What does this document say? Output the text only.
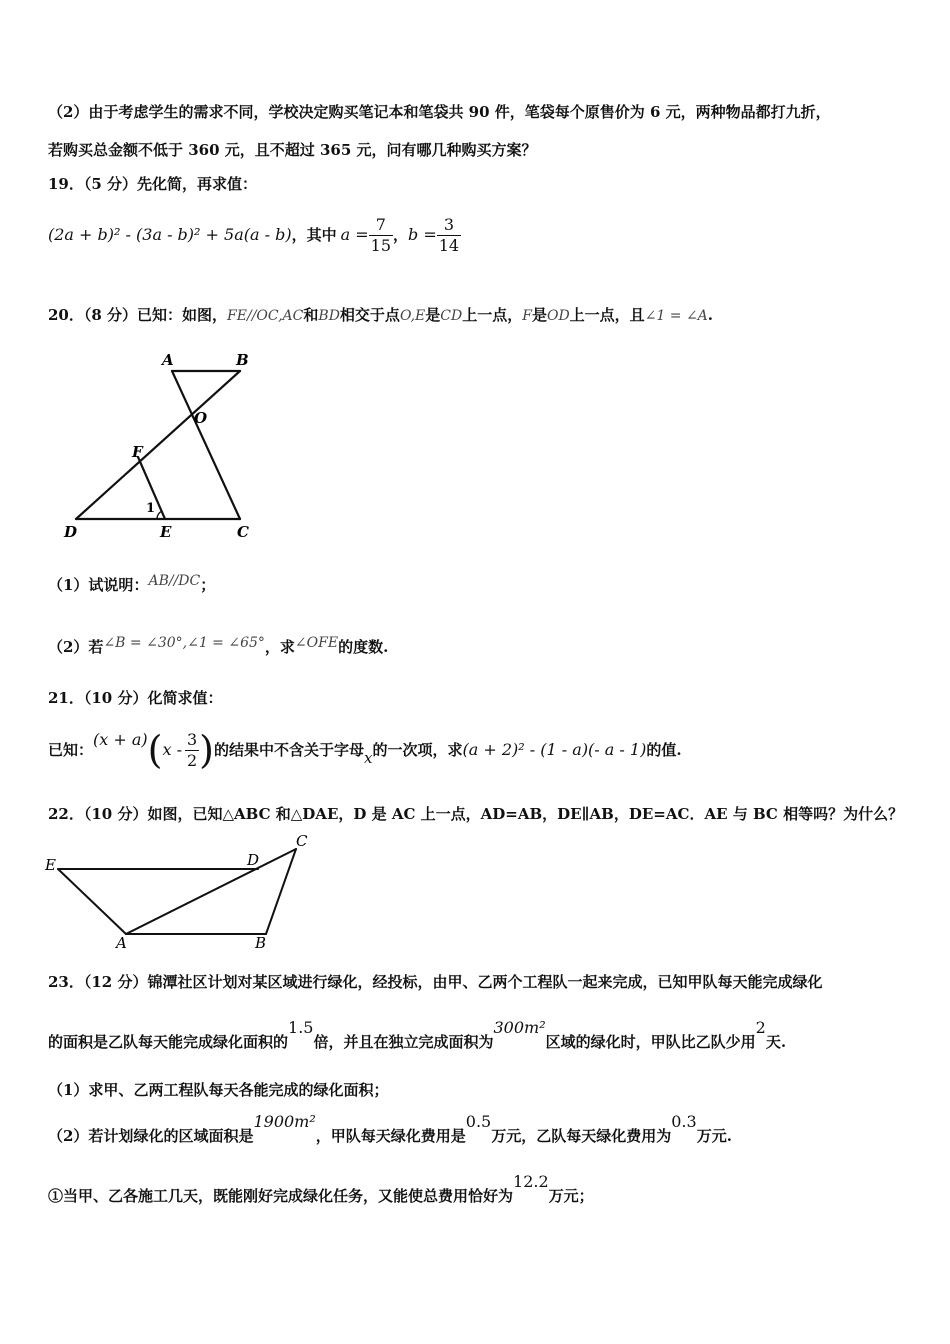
（2）由于考虑学生的需求不同，学校决定购买笔记本和笔袋共 90 件，笔袋每个原售价为 6 元，两种物品都打九折，
若购买总金额不低于 360 元，且不超过 365 元，问有哪几种购买方案？
19．（5 分）先化简，再求值：
(2a + b)² - (3a - b)² + 5a(a - b) ，其中 $a = \frac{7}{15}$ ， $b = \frac{3}{14}$
20．（8 分）已知：如图，FE//OC,AC和BD相交于点O,E是CD上一点，F是OD上一点，且∠1 = ∠A.
A	B
O
F
D	E	C
1
（1）试说明：AB//DC；
（2）若∠B = ∠30°,∠1 = ∠65°，求∠OFE的度数.
21．（10 分）化简求值：
已知：
(x + a) ( x - $\frac{3}{2}$ ) 的结果中不含关于字母 x 的一次项，求 (a + 2)² - (1 - a)(- a - 1) 的值.
22．（10 分）如图，已知△ABC 和△DAE，D 是 AC 上一点，AD=AB，DE∥AB，DE=AC．AE 与 BC 相等吗？为什么？
E	D
C
A	B
23．（12 分）锦潭社区计划对某区域进行绿化，经投标，由甲、乙两个工程队一起来完成，已知甲队每天能完成绿化
的面积是乙队每天能完成绿化面积的1.5倍，并且在独立完成面积为300m²区域的绿化时，甲队比乙队少用2天.
（1）求甲、乙两工程队每天各能完成的绿化面积；
（2）若计划绿化的区域面积是1900m²，甲队每天绿化费用是0.5万元，乙队每天绿化费用为0.3万元.
①当甲、乙各施工几天，既能刚好完成绿化任务，又能使总费用恰好为12.2万元；
